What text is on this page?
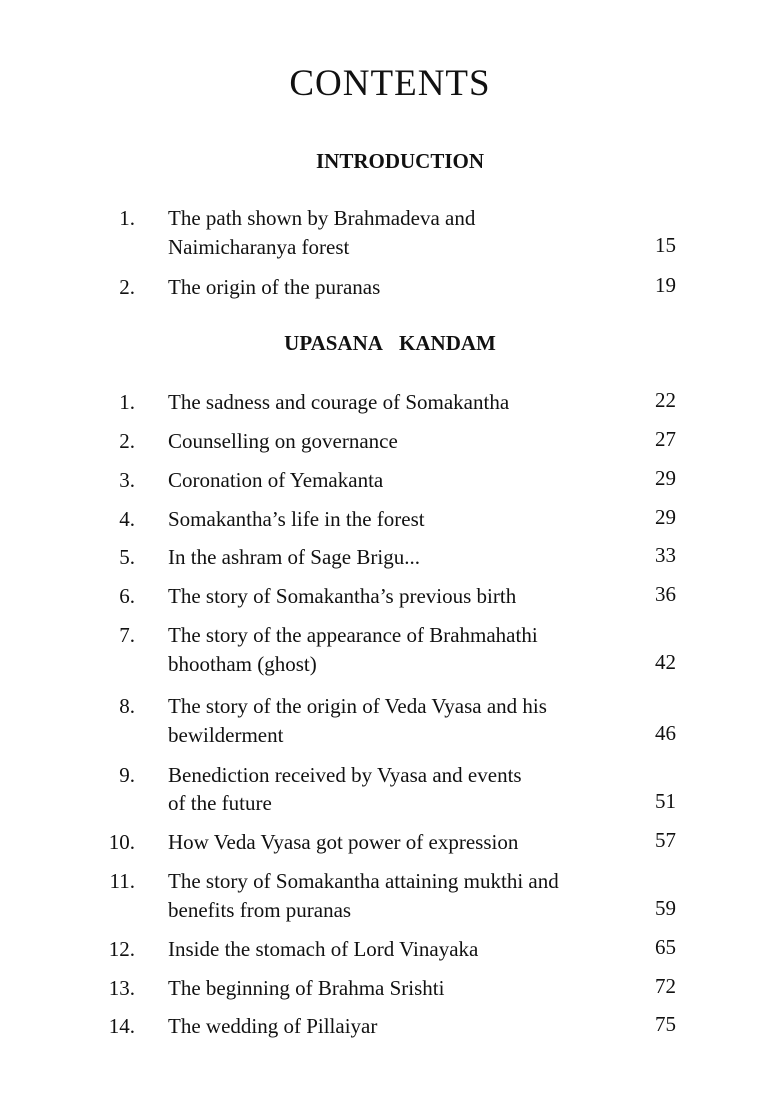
CONTENTS
INTRODUCTION
1. The path shown by Brahmadeva and
Naimicharanya forest	15
2. The origin of the puranas	19
UPASANA KANDAM
1. The sadness and courage of Somakantha	22
2. Counselling on governance	27
3. Coronation of Yemakanta	29
4. Somakantha’s life in the forest	29
5. In the ashram of Sage Brigu...	33
6. The story of Somakantha’s previous birth	36
7. The story of the appearance of Brahmahathi
bhootham (ghost)	42
8. The story of the origin of Veda Vyasa and his
bewilderment	46
9. Benediction received by Vyasa and events
of the future	51
10. How Veda Vyasa got power of expression	57
11. The story of Somakantha attaining mukthi and
benefits from puranas	59
12. Inside the stomach of Lord Vinayaka	65
13. The beginning of Brahma Srishti	72
14. The wedding of Pillaiyar	75
